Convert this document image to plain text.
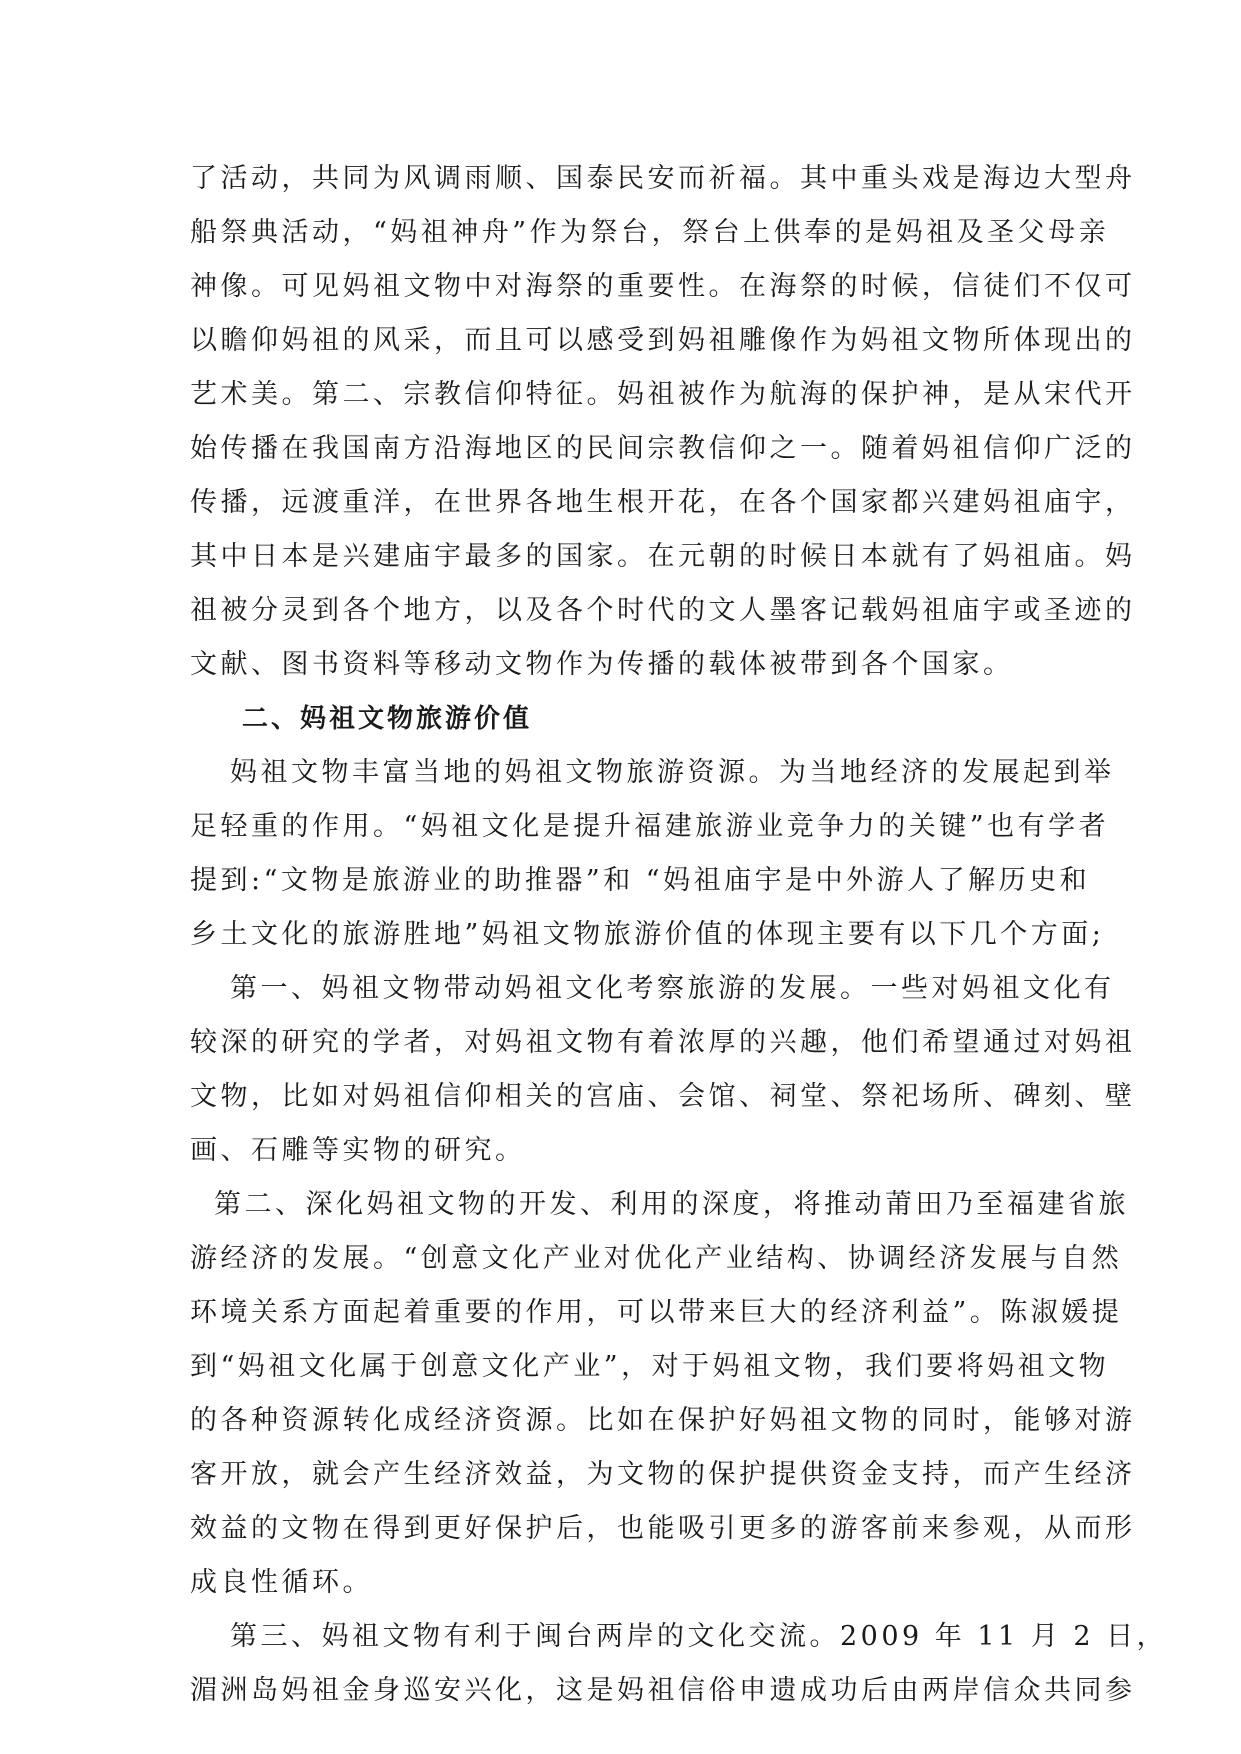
了活动，共同为风调雨顺、国泰民安而祈福。其中重头戏是海边大型舟
船祭典活动，“妈祖神舟”作为祭台，祭台上供奉的是妈祖及圣父母亲
神像。可见妈祖文物中对海祭的重要性。在海祭的时候，信徒们不仅可
以瞻仰妈祖的风采，而且可以感受到妈祖雕像作为妈祖文物所体现出的
艺术美。第二、宗教信仰特征。妈祖被作为航海的保护神，是从宋代开
始传播在我国南方沿海地区的民间宗教信仰之一。随着妈祖信仰广泛的
传播，远渡重洋，在世界各地生根开花，在各个国家都兴建妈祖庙宇，
其中日本是兴建庙宇最多的国家。在元朝的时候日本就有了妈祖庙。妈
祖被分灵到各个地方，以及各个时代的文人墨客记载妈祖庙宇或圣迹的
文献、图书资料等移动文物作为传播的载体被带到各个国家。
二、妈祖文物旅游价值
妈祖文物丰富当地的妈祖文物旅游资源。为当地经济的发展起到举
足轻重的作用。“妈祖文化是提升福建旅游业竞争力的关键”也有学者
提到:“文物是旅游业的助推器”和 “妈祖庙宇是中外游人了解历史和
乡土文化的旅游胜地”妈祖文物旅游价值的体现主要有以下几个方面;
第一、妈祖文物带动妈祖文化考察旅游的发展。一些对妈祖文化有
较深的研究的学者，对妈祖文物有着浓厚的兴趣，他们希望通过对妈祖
文物，比如对妈祖信仰相关的宫庙、会馆、祠堂、祭祀场所、碑刻、壁
画、石雕等实物的研究。
第二、深化妈祖文物的开发、利用的深度，将推动莆田乃至福建省旅
游经济的发展。“创意文化产业对优化产业结构、协调经济发展与自然
环境关系方面起着重要的作用，可以带来巨大的经济利益”。陈淑媛提
到“妈祖文化属于创意文化产业”，对于妈祖文物，我们要将妈祖文物
的各种资源转化成经济资源。比如在保护好妈祖文物的同时，能够对游
客开放，就会产生经济效益，为文物的保护提供资金支持，而产生经济
效益的文物在得到更好保护后，也能吸引更多的游客前来参观，从而形
成良性循环。
第三、妈祖文物有利于闽台两岸的文化交流。2009 年 11 月 2 日，
湄洲岛妈祖金身巡安兴化，这是妈祖信俗申遗成功后由两岸信众共同参
